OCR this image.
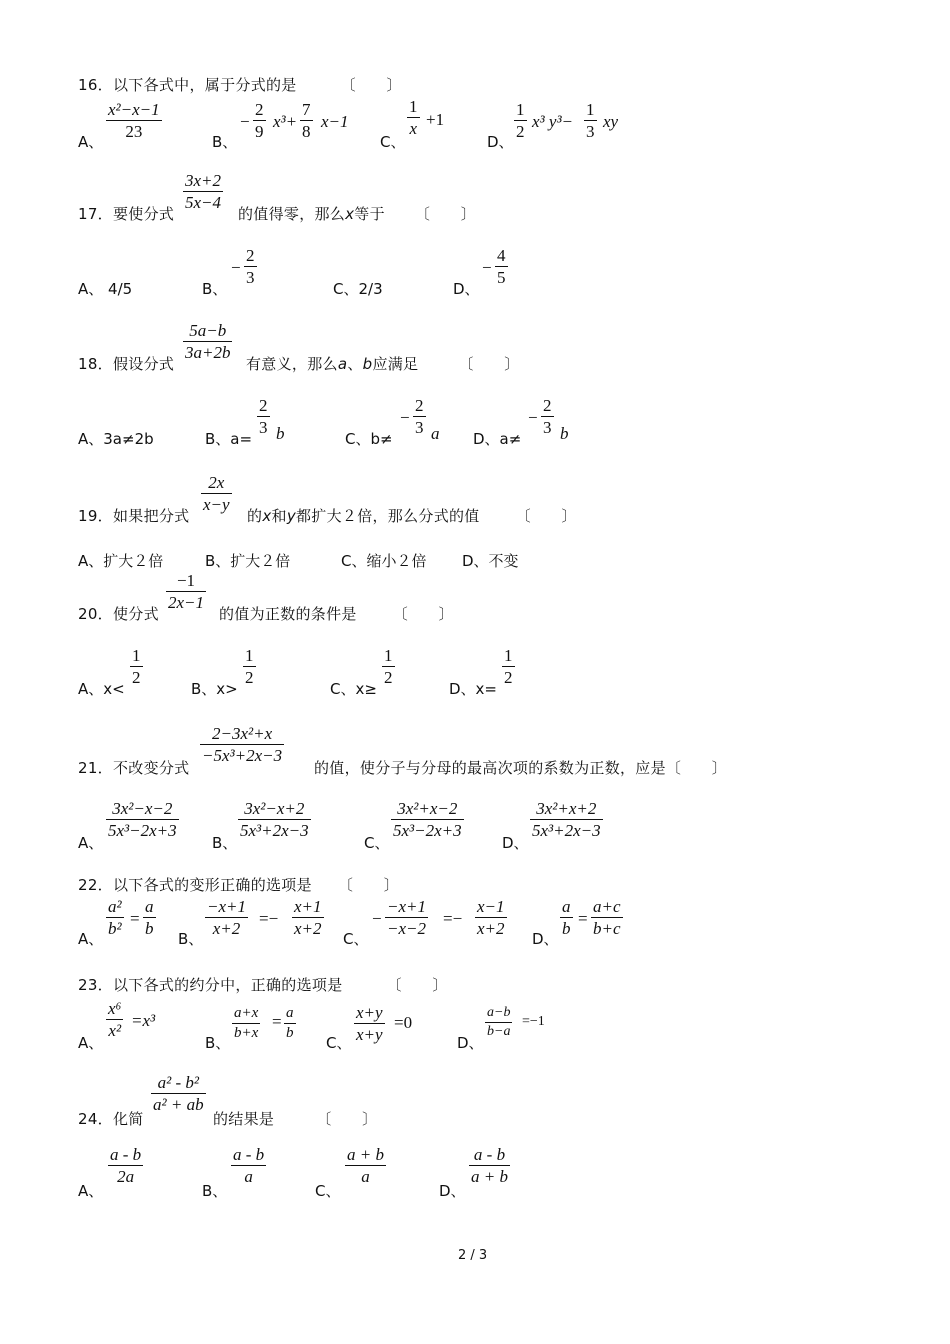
16．以下各式中，属于分式的是	〔　　〕
A、
x²−x−1
23
B、
−
2
9
x³+
7
8
x−1
C、
1
x +1
D、
1
2
x³ y³−
1
3
xy
17．要使分式
3x+2
5x−4
的值得零，那么x等于 〔　　〕
A、 4/5	B、
−
2
3
C、2/3	D、
−
4
5
18．假设分式
5a−b
3a+2b
有意义，那么a、b应满足	〔　　〕
A、3a≠2b	B、a=
2
3 b	C、b≠
−
2
3 a D、a≠
−
2
3 b
19．如果把分式
2x
x−y
的x和y都扩大２倍，那么分式的值 〔　　〕
A、扩大２倍	B、扩大２倍	C、缩小２倍 D、不变
20．使分式
−1
2x−1
的值为正数的条件是 〔　　〕
A、x<
1
2
B、x>
1
2
C、x≥
1
2
D、x=
1
2
21．不改变分式
2−3x²+x
−5x³+2x−3
的值，使分子与分母的最高次项的系数为正数，应是〔　　〕
A、
3x²−x−2
5x³−2x+3
B、
3x²−x+2
5x³+2x−3
C、
3x²+x−2
5x³−2x+3
D、
3x²+x+2
5x³+2x−3
22．以下各式的变形正确的选项是 〔　　〕
A、
a²
b²
=
a
b
B、
−x+1
x+2
=−
x+1
x+2
C、
−
−x+1
−x−2
=−
x−1
x+2
D、
a
b
=
a+c
b+c
23．以下各式的约分中，正确的选项是	〔　　〕
A、
x⁶
x²
=x³
B、
a+x
b+x
= a
b
C、
x+y
x+y
=0
D、
a−b
b−a
=−1
24．化简
a² - b²
a² + ab
的结果是	〔　　〕
A、
a - b
2a
B、
a - b
a
C、
a + b
a
D、
a - b
a + b
2 / 3
